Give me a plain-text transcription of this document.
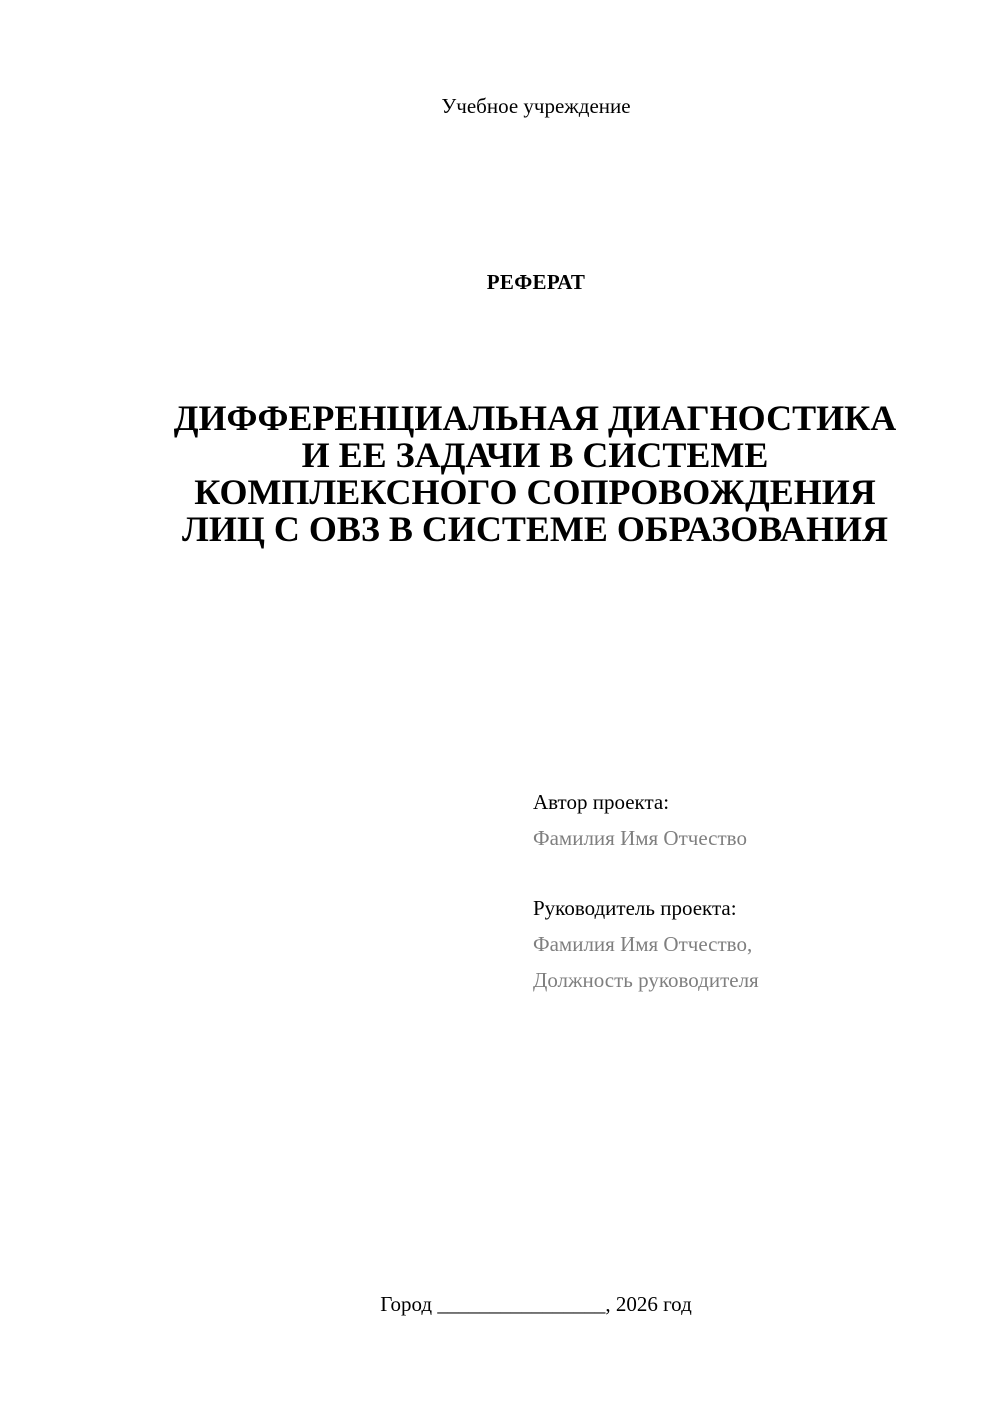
Учебное учреждение
РЕФЕРАТ
ДИФФЕРЕНЦИАЛЬНАЯ ДИАГНОСТИКА
И ЕЕ ЗАДАЧИ В СИСТЕМЕ
КОМПЛЕКСНОГО СОПРОВОЖДЕНИЯ
ЛИЦ С ОВЗ В СИСТЕМЕ ОБРАЗОВАНИЯ
Автор проекта:
Фамилия Имя Отчество
Руководитель проекта:
Фамилия Имя Отчество,
Должность руководителя
Город ________________, 2026 год
